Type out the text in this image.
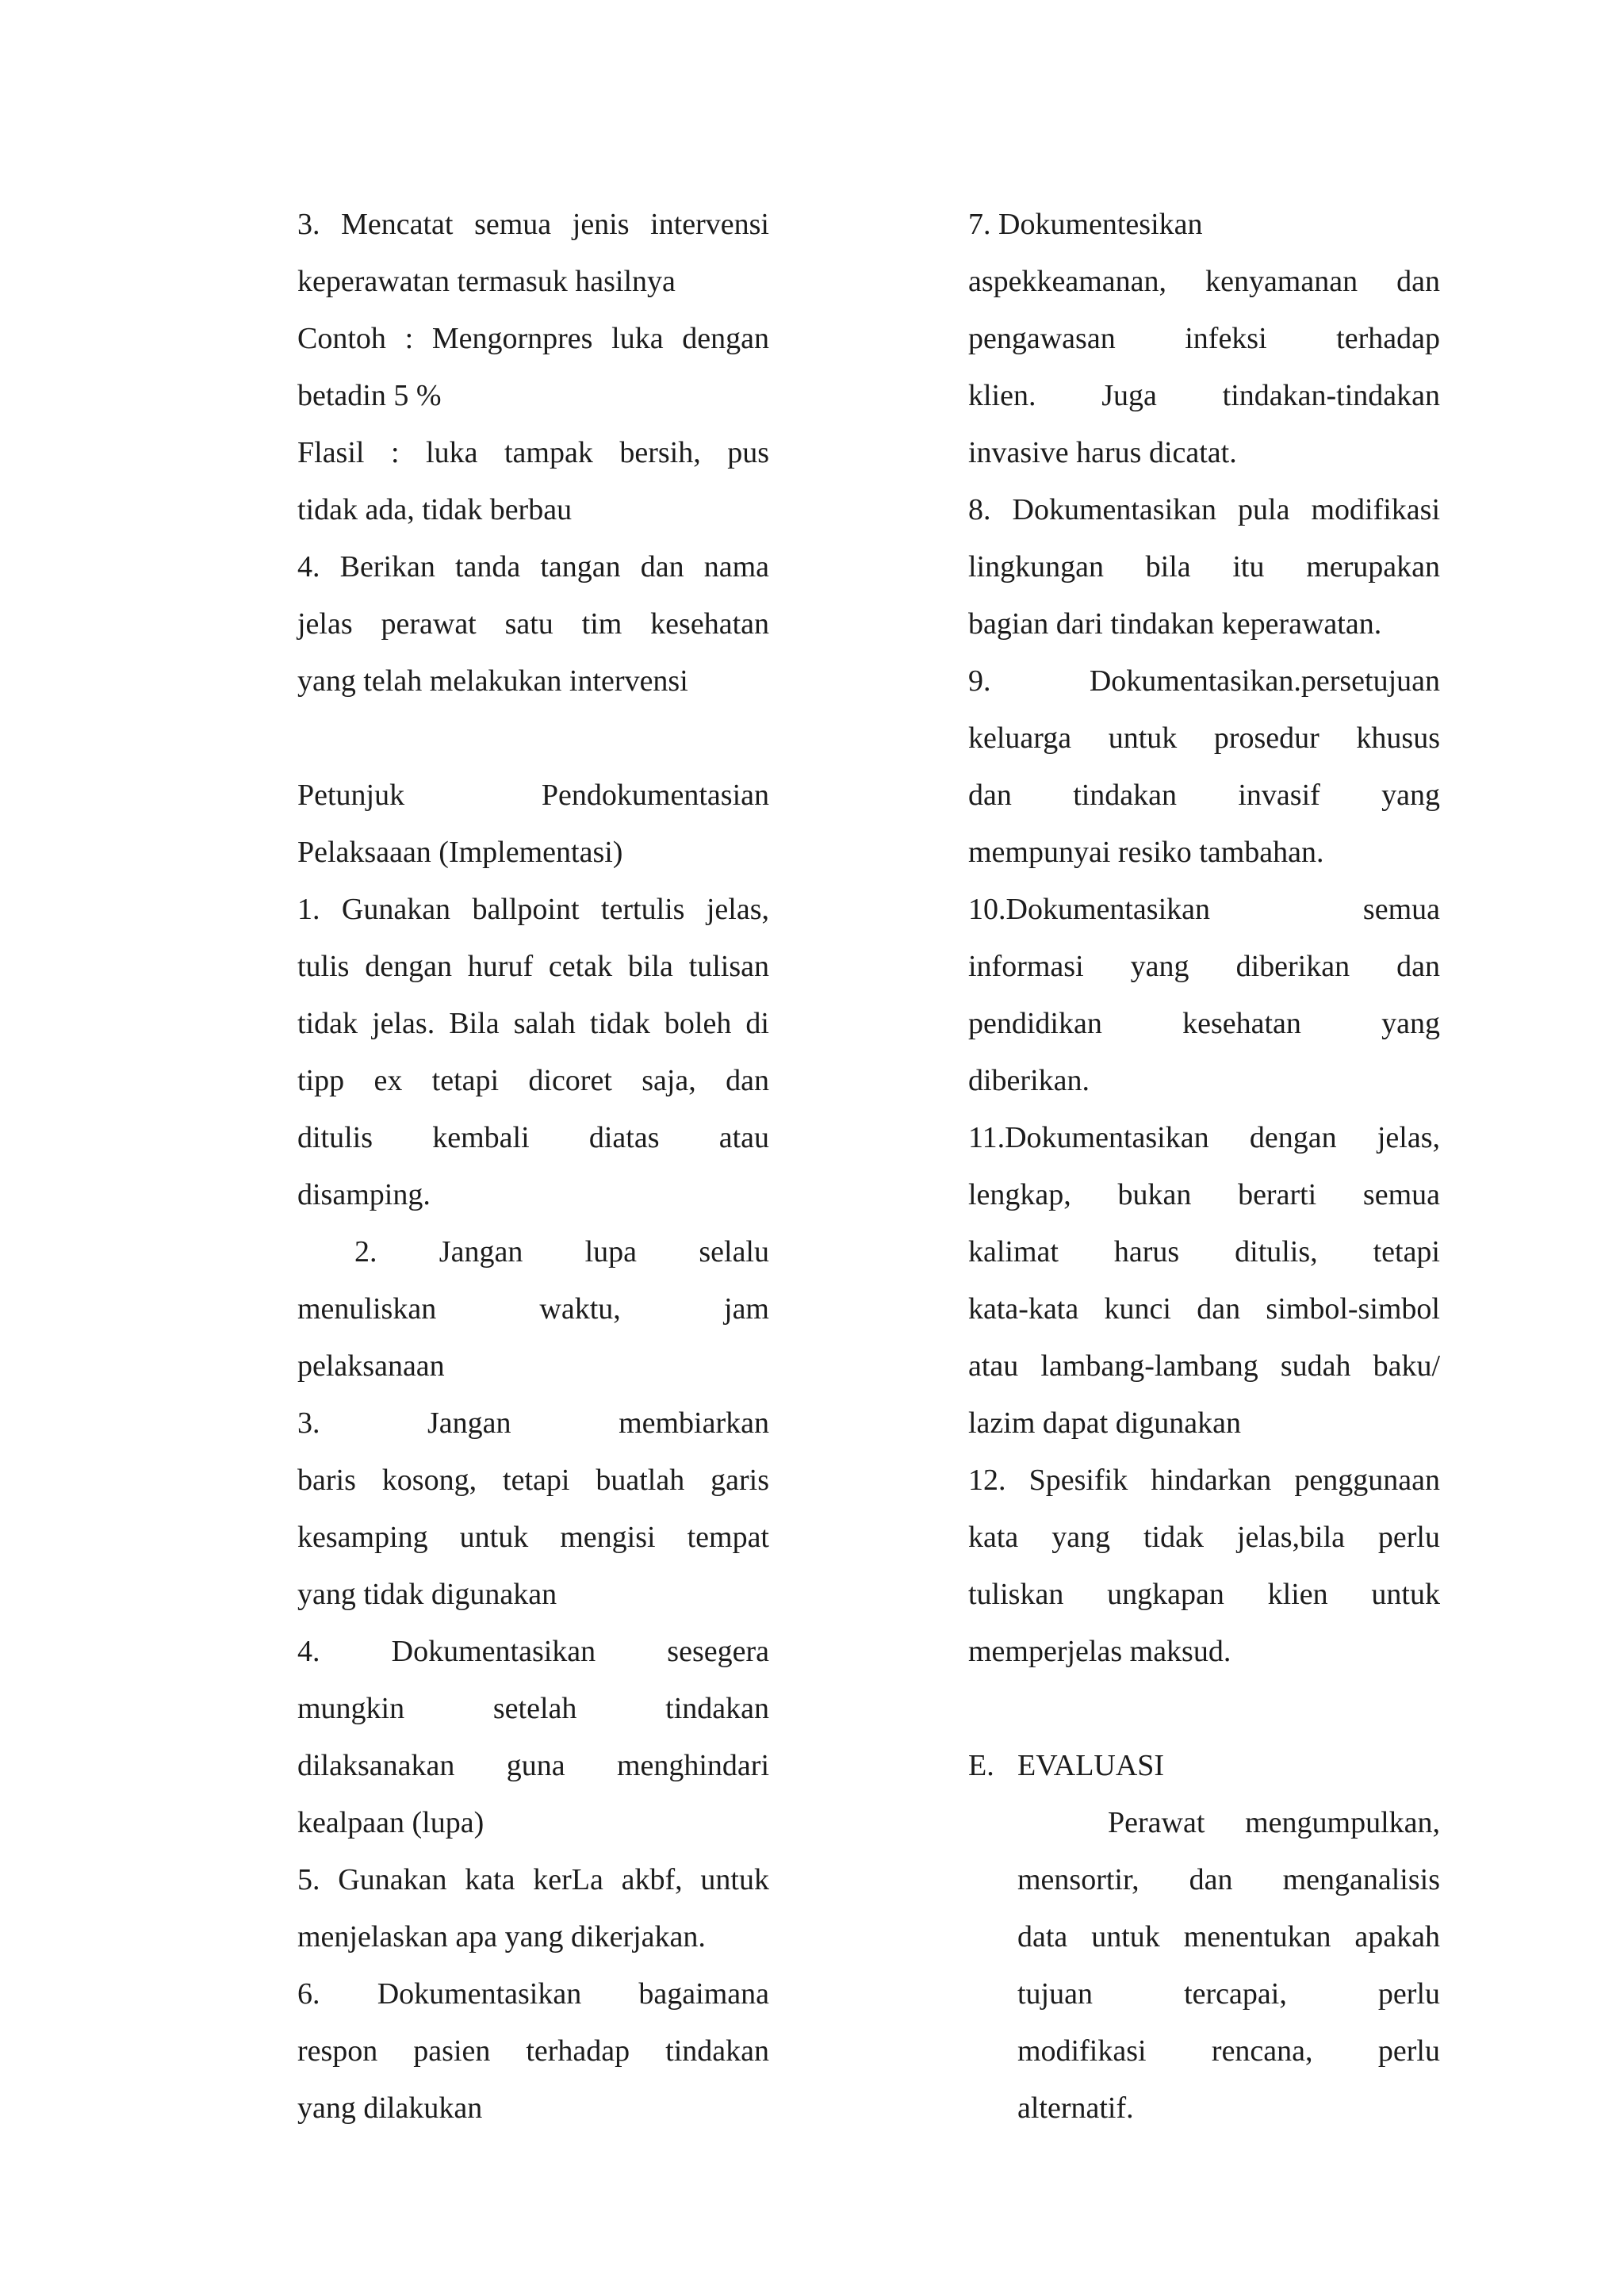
3. Mencatat semua jenis intervensi
keperawatan termasuk hasilnya

Contoh : Mengornpres luka dengan
betadin 5 %

Flasil : luka tampak bersih, pus
tidak ada, tidak berbau

4. Berikan tanda tangan dan nama
jelas perawat satu tim kesehatan
yang telah melakukan intervensi

Petunjuk Pendokumentasian
Pelaksaaan (Implementasi)

1. Gunakan ballpoint tertulis jelas,
tulis dengan huruf cetak bila tulisan
tidak jelas. Bila salah tidak boleh di
tipp ex tetapi dicoret saja, dan
ditulis kembali diatas atau
disamping.

2. Jangan lupa selalu
menuliskan waktu, jam
pelaksanaan

3. Jangan membiarkan
baris kosong, tetapi buatlah garis
kesamping untuk mengisi tempat
yang tidak digunakan

4. Dokumentasikan sesegera
mungkin setelah tindakan
dilaksanakan guna menghindari
kealpaan (lupa)

5. Gunakan kata kerLa akbf, untuk
menjelaskan apa yang dikerjakan.

6. Dokumentasikan bagaimana
respon pasien terhadap tindakan
yang dilakukan

7. Dokumentesikan
aspekkeamanan, kenyamanan dan
pengawasan infeksi terhadap
klien. Juga tindakan-tindakan
invasive harus dicatat.

8. Dokumentasikan pula modifikasi
lingkungan bila itu merupakan
bagian dari tindakan keperawatan.

9. Dokumentasikan.persetujuan
keluarga untuk prosedur khusus
dan tindakan invasif yang
mempunyai resiko tambahan.

10.Dokumentasikan semua
informasi yang diberikan dan
pendidikan kesehatan yang
diberikan.

11.Dokumentasikan dengan jelas,
lengkap, bukan berarti semua
kalimat harus ditulis, tetapi
kata-kata kunci dan simbol-simbol
atau lambang-lambang sudah baku/
lazim dapat digunakan

12. Spesifik hindarkan penggunaan
kata yang tidak jelas,bila perlu
tuliskan ungkapan klien untuk
memperjelas maksud.

E. EVALUASI

Perawat mengumpulkan,
mensortir, dan menganalisis
data untuk menentukan apakah
tujuan tercapai, perlu
modifikasi rencana, perlu
alternatif.
